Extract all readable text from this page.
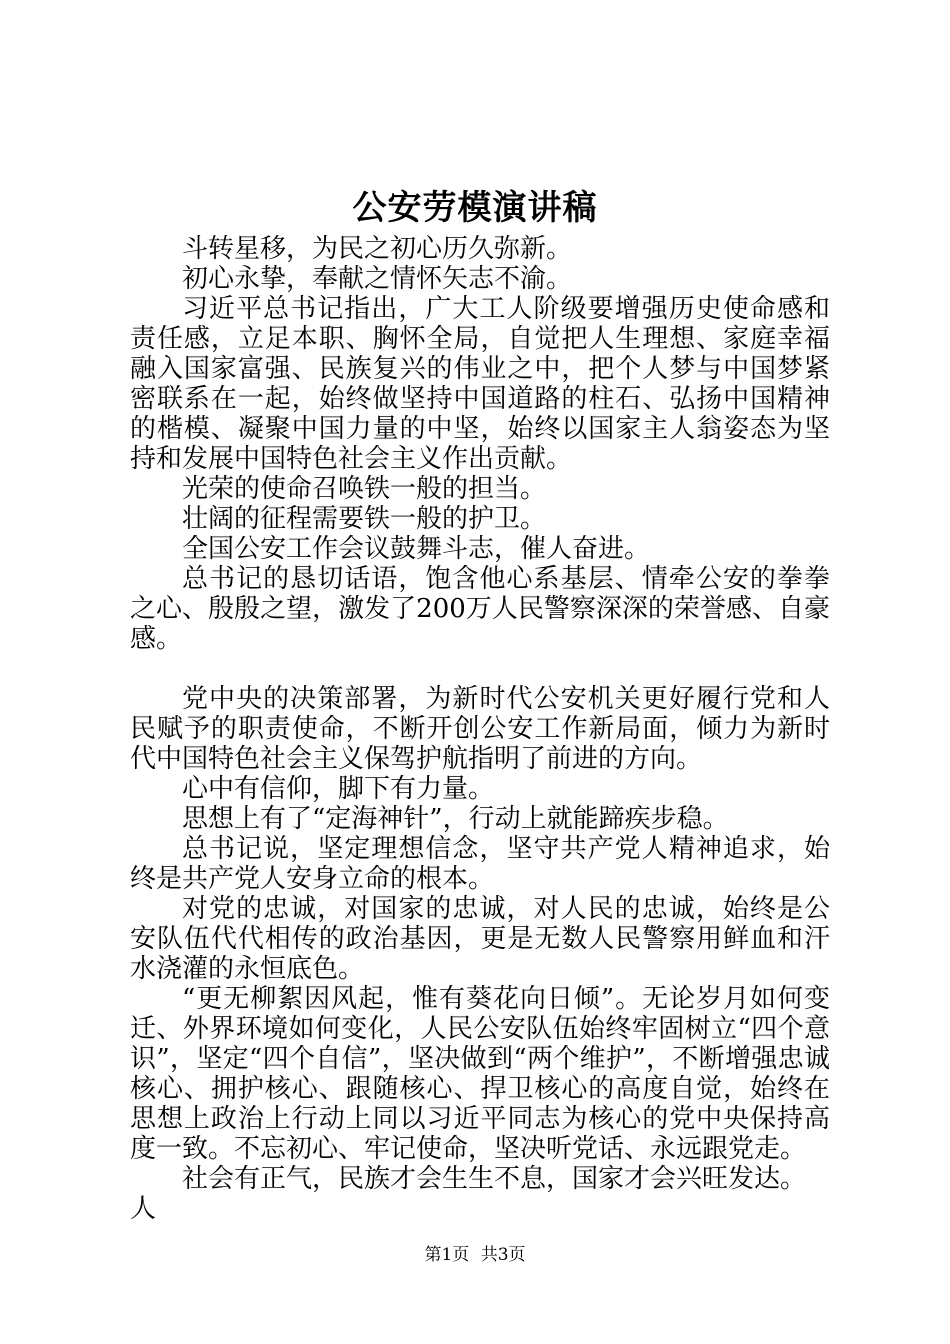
公安劳模演讲稿

斗转星移，为民之初心历久弥新。

初心永挚，奉献之情怀矢志不渝。

习近平总书记指出，广大工人阶级要增强历史使命感和责任感，立足本职、胸怀全局，自觉把人生理想、家庭幸福融入国家富强、民族复兴的伟业之中，把个人梦与中国梦紧密联系在一起，始终做坚持中国道路的柱石、弘扬中国精神的楷模、凝聚中国力量的中坚，始终以国家主人翁姿态为坚持和发展中国特色社会主义作出贡献。

光荣的使命召唤铁一般的担当。

壮阔的征程需要铁一般的护卫。

全国公安工作会议鼓舞斗志，催人奋进。

总书记的恳切话语，饱含他心系基层、情牵公安的拳拳之心、殷殷之望，激发了200万人民警察深深的荣誉感、自豪感。

党中央的决策部署，为新时代公安机关更好履行党和人民赋予的职责使命，不断开创公安工作新局面，倾力为新时代中国特色社会主义保驾护航指明了前进的方向。

心中有信仰，脚下有力量。

思想上有了“定海神针”，行动上就能蹄疾步稳。

总书记说，坚定理想信念，坚守共产党人精神追求，始终是共产党人安身立命的根本。

对党的忠诚，对国家的忠诚，对人民的忠诚，始终是公安队伍代代相传的政治基因，更是无数人民警察用鲜血和汗水浇灌的永恒底色。

“更无柳絮因风起，惟有葵花向日倾”。无论岁月如何变迁、外界环境如何变化，人民公安队伍始终牢固树立“四个意识”，坚定“四个自信”，坚决做到“两个维护”，不断增强忠诚核心、拥护核心、跟随核心、捍卫核心的高度自觉，始终在思想上政治上行动上同以习近平同志为核心的党中央保持高度一致。不忘初心、牢记使命，坚决听党话、永远跟党走。

社会有正气，民族才会生生不息，国家才会兴旺发达。人

第1页 共3页
